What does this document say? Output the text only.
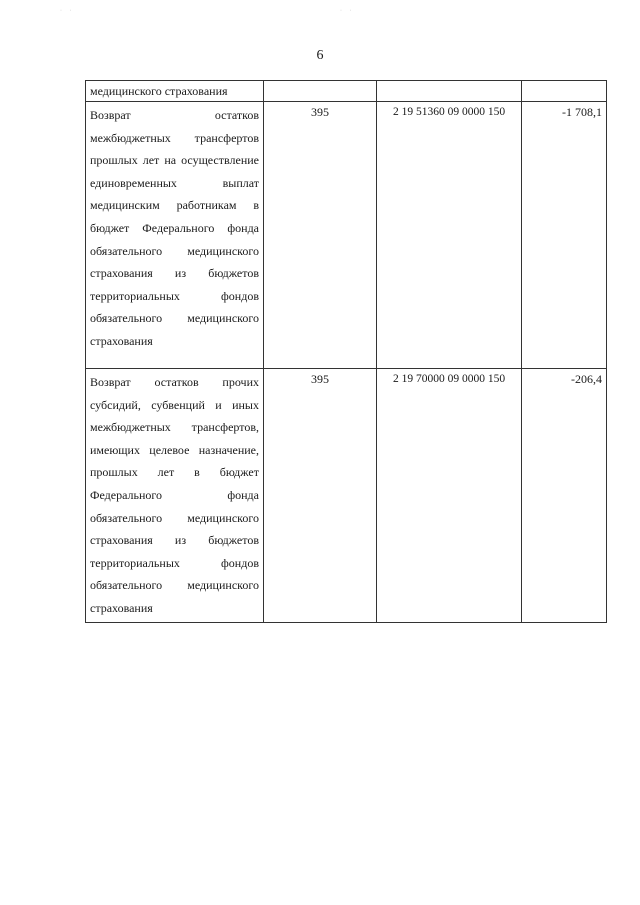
· ·	· ·
6
медицинского страхования			
Возврат остатков межбюджетных трансфертов прошлых лет на осуществление единовременных выплат медицинским работникам в бюджет Федерального фонда обязательного медицинского страхования из бюджетов территориальных фондов обязательного медицинского страхования	395	2 19 51360 09 0000 150	-1 708,1
Возврат остатков прочих субсидий, субвенций и иных межбюджетных трансфертов, имеющих целевое назначение, прошлых лет в бюджет Федерального фонда обязательного медицинского страхования из бюджетов территориальных фондов обязательного медицинского страхования	395	2 19 70000 09 0000 150	-206,4
